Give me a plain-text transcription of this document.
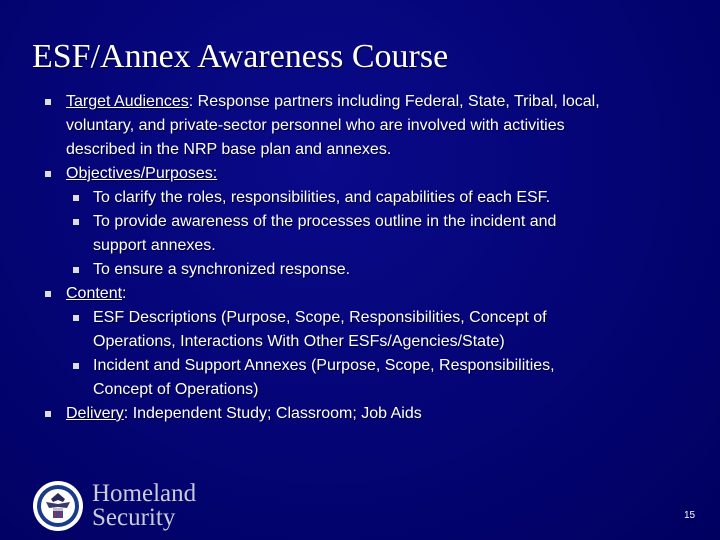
ESF/Annex Awareness Course
Target Audiences: Response partners including Federal, State, Tribal, local,
voluntary, and private-sector personnel who are involved with activities
described in the NRP base plan and annexes.
Objectives/Purposes:
To clarify the roles, responsibilities, and capabilities of each ESF.
To provide awareness of the processes outline in the incident and
support annexes.
To ensure a synchronized response.
Content:
ESF Descriptions (Purpose, Scope, Responsibilities, Concept of
Operations, Interactions With Other ESFs/Agencies/State)
Incident and Support Annexes (Purpose, Scope, Responsibilities,
Concept of Operations)
Delivery: Independent Study; Classroom; Job Aids
Homeland
Security	15
